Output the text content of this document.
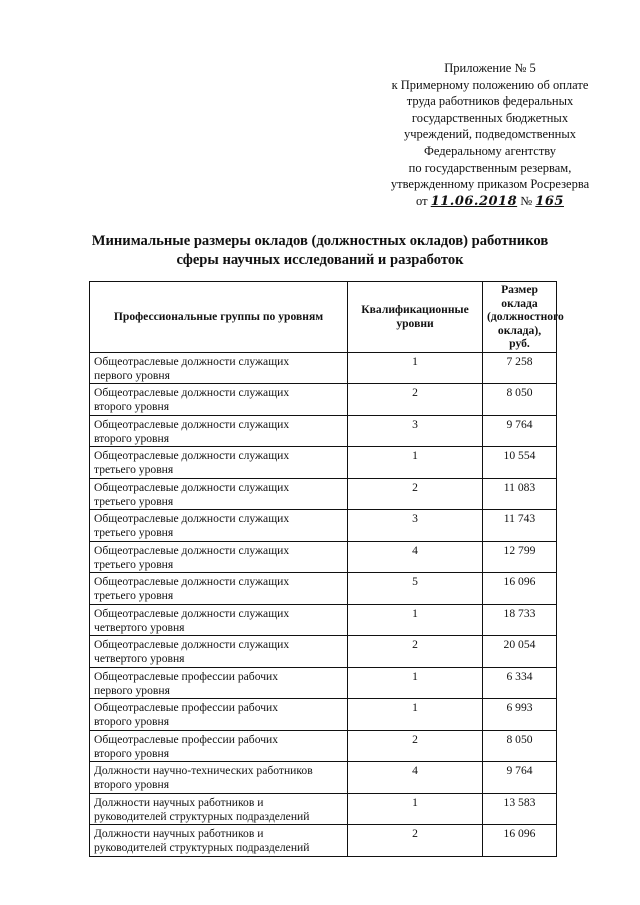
Приложение № 5
к Примерному положению об оплате
труда работников федеральных
государственных бюджетных
учреждений, подведомственных
Федеральному агентству
по государственным резервам,
утвержденному приказом Росрезерва
от 11.06.2018 № 165
Минимальные размеры окладов (должностных окладов) работников
сферы научных исследований и разработок
Профессиональные группы по уровням	Квалификационные уровни	Размер оклада (должностного оклада), руб.

Общеотраслевые должности служащих
первого уровня	1	7 258

Общеотраслевые должности служащих
второго уровня	2	8 050

Общеотраслевые должности служащих
второго уровня	3	9 764

Общеотраслевые должности служащих
третьего уровня	1	10 554

Общеотраслевые должности служащих
третьего уровня	2	11 083

Общеотраслевые должности служащих
третьего уровня	3	11 743

Общеотраслевые должности служащих
третьего уровня	4	12 799

Общеотраслевые должности служащих
третьего уровня	5	16 096

Общеотраслевые должности служащих
четвертого уровня	1	18 733

Общеотраслевые должности служащих
четвертого уровня	2	20 054

Общеотраслевые профессии рабочих
первого уровня	1	6 334

Общеотраслевые профессии рабочих
второго уровня	1	6 993

Общеотраслевые профессии рабочих
второго уровня	2	8 050

Должности научно-технических работников
второго уровня	4	9 764

Должности научных работников и
руководителей структурных подразделений	1	13 583

Должности научных работников и
руководителей структурных подразделений	2	16 096
